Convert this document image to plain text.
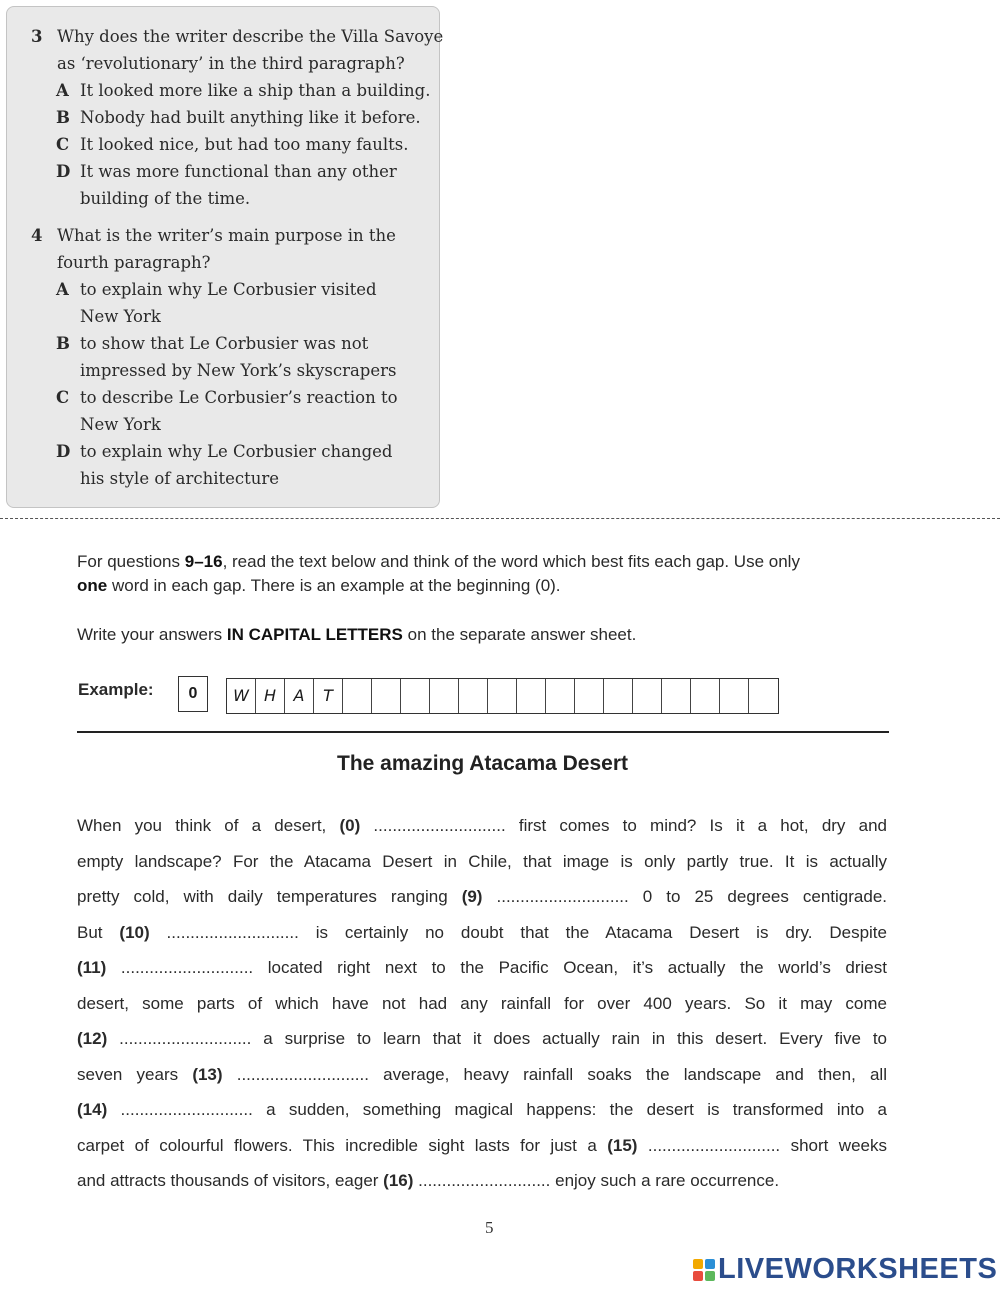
3 Why does the writer describe the Villa Savoye
as ‘revolutionary’ in the third paragraph?
A It looked more like a ship than a building.
B Nobody had built anything like it before.
C It looked nice, but had too many faults.
D It was more functional than any other
building of the time.
4 What is the writer’s main purpose in the
fourth paragraph?
A to explain why Le Corbusier visited
New York
B to show that Le Corbusier was not
impressed by New York’s skyscrapers
C to describe Le Corbusier’s reaction to
New York
D to explain why Le Corbusier changed
his style of architecture
For questions 9–16, read the text below and think of the word which best fits each gap. Use only
one word in each gap. There is an example at the beginning (0).
Write your answers IN CAPITAL LETTERS on the separate answer sheet.
Example:	0	W H	A	T
The amazing Atacama Desert
When you think of a desert, (0) ............................ first comes to mind? Is it a hot, dry and
empty landscape? For the Atacama Desert in Chile, that image is only partly true. It is actually
pretty cold, with daily temperatures ranging (9) ............................ 0 to 25 degrees centigrade.
But (10) ............................ is certainly no doubt that the Atacama Desert is dry. Despite
(11) ............................ located right next to the Pacific Ocean, it’s actually the world’s driest
desert, some parts of which have not had any rainfall for over 400 years. So it may come
(12) ............................ a surprise to learn that it does actually rain in this desert. Every five to
seven years (13) ............................ average, heavy rainfall soaks the landscape and then, all
(14) ............................ a sudden, something magical happens: the desert is transformed into a
carpet of colourful flowers. This incredible sight lasts for just a (15) ............................ short weeks
and attracts thousands of visitors, eager (16) ............................ enjoy such a rare occurrence.
5
LIVEWORKSHEETS
